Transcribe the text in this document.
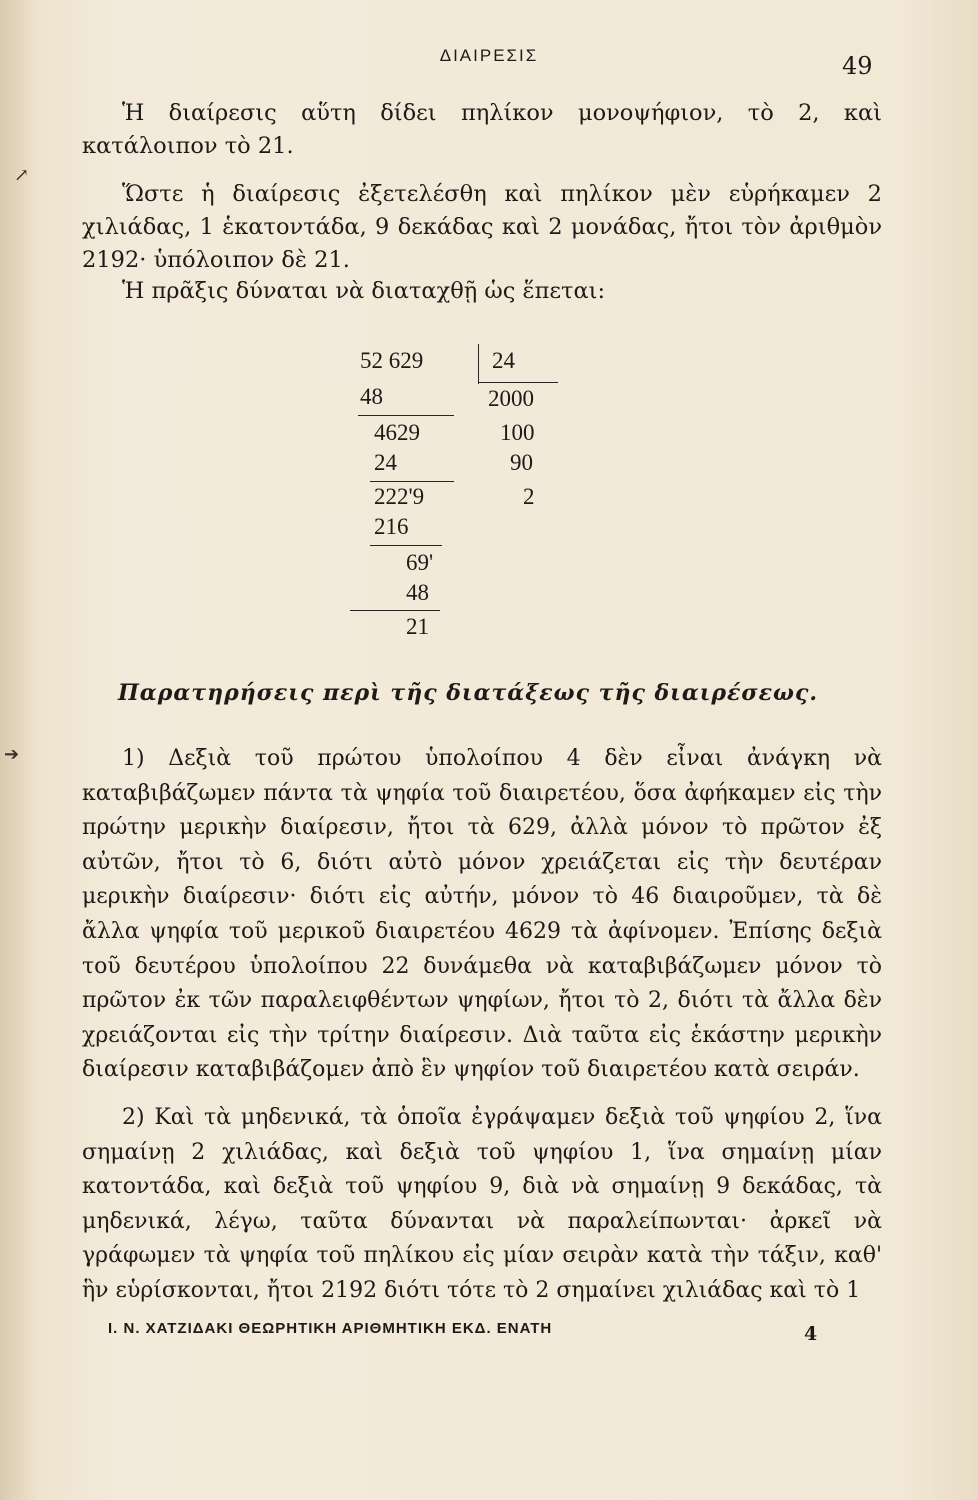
ΔΙΑΙΡΕΣΙΣ	49

Ἡ διαίρεσις αὕτη δίδει πηλίκον μονοψήφιον, τὸ 2, καὶ κατάλοιπον τὸ 21.

Ὥστε ἡ διαίρεσις ἐξετελέσθη καὶ πηλίκον μὲν εὑρήκαμεν 2 χιλιάδας, 1 ἑκατοντάδα, 9 δεκάδας καὶ 2 μονάδας, ἤτοι τὸν ἀριθμὸν 2192· ὑπόλοιπον δὲ 21.

Ἡ πρᾶξις δύναται νὰ διαταχθῇ ὡς ἕπεται:

52 629	24
48	2000
4629	100
24	90
222'9	2
216
69'
48
21
Παρατηρήσεις περὶ τῆς διατάξεως τῆς διαιρέσεως.

1) Δεξιὰ τοῦ πρώτου ὑπολοίπου 4 δὲν εἶναι ἀνάγκη νὰ καταβιβάζωμεν πάντα τὰ ψηφία τοῦ διαιρετέου, ὅσα ἀφήκαμεν εἰς τὴν πρώτην μερικὴν διαίρεσιν, ἤτοι τὰ 629, ἀλλὰ μόνον τὸ πρῶτον ἐξ αὐτῶν, ἤτοι τὸ 6, διότι αὐτὸ μόνον χρειάζεται εἰς τὴν δευτέραν μερικὴν διαίρεσιν· διότι εἰς αὐτήν, μόνον τὸ 46 διαιροῦμεν, τὰ δὲ ἄλλα ψηφία τοῦ μερικοῦ διαιρετέου 4629 τὰ ἀφίνομεν. Ἐπίσης δεξιὰ τοῦ δευτέρου ὑπολοίπου 22 δυνάμεθα νὰ καταβιβάζωμεν μόνον τὸ πρῶτον ἐκ τῶν παραλειφθέντων ψηφίων, ἤτοι τὸ 2, διότι τὰ ἄλλα δὲν χρειάζονται εἰς τὴν τρίτην διαίρεσιν. Διὰ ταῦτα εἰς ἑκάστην μερικὴν διαίρεσιν καταβιβάζομεν ἀπὸ ἓν ψηφίον τοῦ διαιρετέου κατὰ σειράν.

2) Καὶ τὰ μηδενικά, τὰ ὁποῖα ἐγράψαμεν δεξιὰ τοῦ ψηφίου 2, ἵνα σημαίνῃ 2 χιλιάδας, καὶ δεξιὰ τοῦ ψηφίου 1, ἵνα σημαίνῃ μίαν κατοντάδα, καὶ δεξιὰ τοῦ ψηφίου 9, διὰ νὰ σημαίνῃ 9 δεκάδας, τὰ μηδενικά, λέγω, ταῦτα δύνανται νὰ παραλείπωνται· ἀρκεῖ νὰ γράφωμεν τὰ ψηφία τοῦ πηλίκου εἰς μίαν σειρὰν κατὰ τὴν τάξιν, καθ' ἣν εὑρίσκονται, ἤτοι 2192 διότι τότε τὸ 2 σημαίνει χιλιάδας καὶ τὸ 1

Ι. Ν. ΧΑΤΖΙΔΑΚΙ ΘΕΩΡΗΤΙΚΗ ΑΡΙΘΜΗΤΙΚΗ ΕΚΔ. ΕΝΑΤΗ	4
↗
➔
